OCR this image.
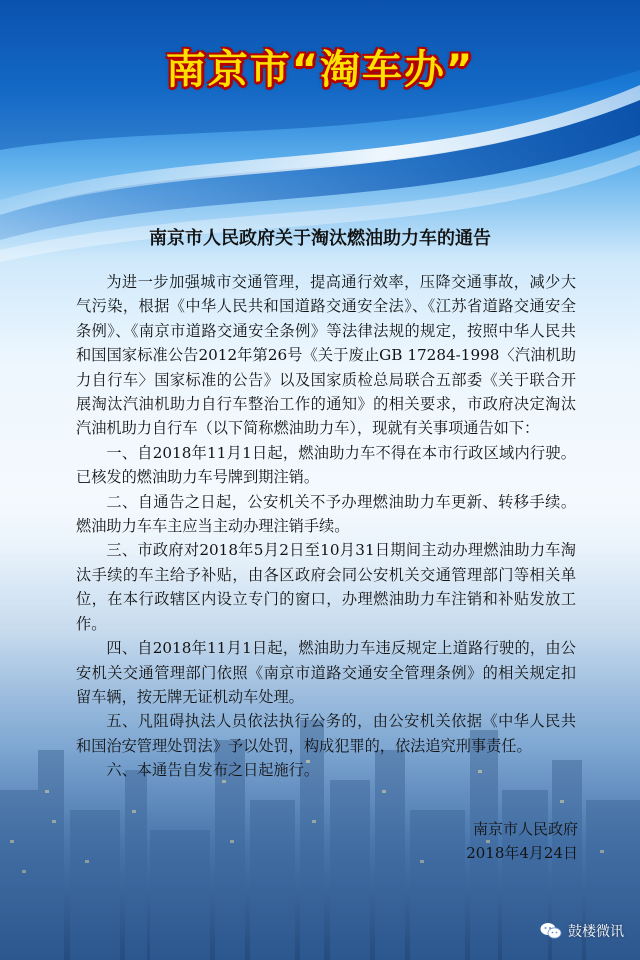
南京市“淘车办”
南京市人民政府关于淘汰燃油助力车的通告

为进一步加强城市交通管理，提高通行效率，压降交通事故，减少大气污染，根据《中华人民共和国道路交通安全法》、《江苏省道路交通安全条例》、《南京市道路交通安全条例》等法律法规的规定，按照中华人民共和国国家标准公告2012年第26号《关于废止GB 17284-1998〈汽油机助力自行车〉国家标准的公告》以及国家质检总局联合五部委《关于联合开展淘汰汽油机助力自行车整治工作的通知》的相关要求，市政府决定淘汰汽油机助力自行车（以下简称燃油助力车），现就有关事项通告如下：

一、自2018年11月1日起，燃油助力车不得在本市行政区域内行驶。已核发的燃油助力车号牌到期注销。

二、自通告之日起，公安机关不予办理燃油助力车更新、转移手续。燃油助力车车主应当主动办理注销手续。

三、市政府对2018年5月2日至10月31日期间主动办理燃油助力车淘汰手续的车主给予补贴，由各区政府会同公安机关交通管理部门等相关单位，在本行政辖区内设立专门的窗口，办理燃油助力车注销和补贴发放工作。

四、自2018年11月1日起，燃油助力车违反规定上道路行驶的，由公安机关交通管理部门依照《南京市道路交通安全管理条例》的相关规定扣留车辆，按无牌无证机动车处理。

五、凡阻碍执法人员依法执行公务的，由公安机关依据《中华人民共和国治安管理处罚法》予以处罚，构成犯罪的，依法追究刑事责任。

六、本通告自发布之日起施行。

南京市人民政府
2018年4月24日
鼓楼微讯
